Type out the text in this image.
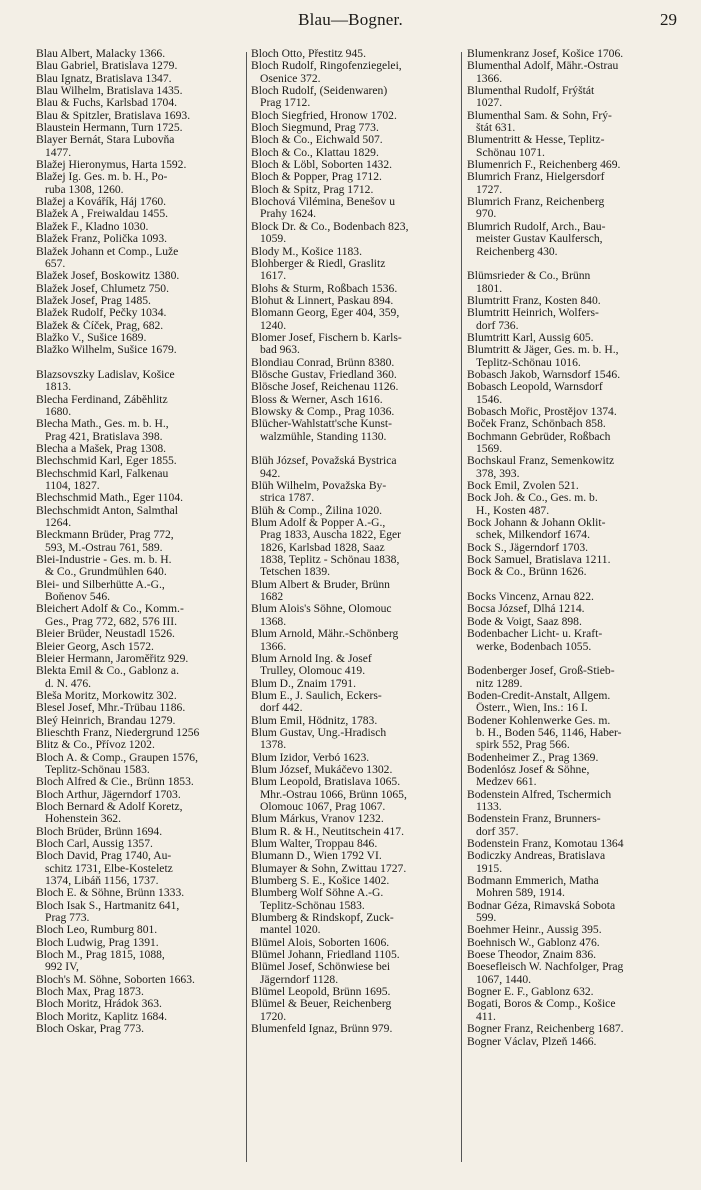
Blau—Bogner.	29
Blau Albert, Malacky 1366.
Blau Gabriel, Bratislava 1279.
Blau Ignatz, Bratislava 1347.
Blau Wilhelm, Bratislava 1435.
Blau & Fuchs, Karlsbad 1704.
Blau & Spitzler, Bratislava 1693.
Blaustein Hermann, Turn 1725.
Blayer Bernát, Stara Lubovňa
1477.
Blažej Hieronymus, Harta 1592.
Blažej Ig. Ges. m. b. H., Po-
ruba 1308, 1260.
Blažej a Kovářík, Háj 1760.
Blažek A , Freiwaldau 1455.
Blažek F., Kladno 1030.
Blažek Franz, Polička 1093.
Blažek Johann et Comp., Luže
657.
Blažek Josef, Boskowitz 1380.
Blažek Josef, Chlumetz 750.
Blažek Josef, Prag 1485.
Blažek Rudolf, Pečky 1034.
Blažek & Číček, Prag, 682.
Blažko V., Sušice 1689.
Blažko Wilhelm, Sušice 1679.
Blazsovszky Ladislav, Košice
1813.
Blecha Ferdinand, Zábĕhlitz
1680.
Blecha Math., Ges. m. b. H.,
Prag 421, Bratislava 398.
Blecha a Mašek, Prag 1308.
Blechschmid Karl, Eger 1855.
Blechschmid Karl, Falkenau
1104, 1827.
Blechschmid Math., Eger 1104.
Blechschmidt Anton, Salmthal
1264.
Bleckmann Brüder, Prag 772,
593, M.-Ostrau 761, 589.
Blei-Industrie - Ges. m. b. H.
& Co., Grundmühlen 640.
Blei- und Silberhütte A.-G.,
Boňenov 546.
Bleichert Adolf & Co., Komm.-
Ges., Prag 772, 682, 576 III.
Bleier Brüder, Neustadl 1526.
Bleier Georg, Asch 1572.
Bleier Hermann, Jaroměřitz 929.
Blekta Emil & Co., Gablonz a.
d. N. 476.
Bleša Moritz, Morkowitz 302.
Blesel Josef, Mhr.-Trübau 1186.
Bleý Heinrich, Brandau 1279.
Blieschth Franz, Niedergrund 1256
Blitz & Co., Přívoz 1202.
Bloch A. & Comp., Graupen 1576,
Teplitz-Schönau 1583.
Bloch Alfred & Cie., Brünn 1853.
Bloch Arthur, Jägerndorf 1703.
Bloch Bernard & Adolf Koretz,
Hohenstein 362.
Bloch Brüder, Brünn 1694.
Bloch Carl, Aussig 1357.
Bloch David, Prag 1740, Au-
schitz 1731, Elbe-Kosteletz
1374, Libáň 1156, 1737.
Bloch E. & Söhne, Brünn 1333.
Bloch Isak S., Hartmanitz 641,
Prag 773.
Bloch Leo, Rumburg 801.
Bloch Ludwig, Prag 1391.
Bloch M., Prag 1815, 1088,
992 IV,
Bloch's M. Söhne, Soborten 1663.
Bloch Max, Prag 1873.
Bloch Moritz, Hrádok 363.
Bloch Moritz, Kaplitz 1684.
Bloch Oskar, Prag 773.
Bloch Otto, Přestitz 945.
Bloch Rudolf, Ringofenziegelei,
Osenice 372.
Bloch Rudolf, (Seidenwaren)
Prag 1712.
Bloch Siegfried, Hronow 1702.
Bloch Siegmund, Prag 773.
Bloch & Co., Eichwald 507.
Bloch & Co., Klattau 1829.
Bloch & Löbl, Soborten 1432.
Bloch & Popper, Prag 1712.
Bloch & Spitz, Prag 1712.
Blochová Vilémina, Benešov u
Prahy 1624.
Block Dr. & Co., Bodenbach 823,
1059.
Blody M., Košice 1183.
Blohberger & Riedl, Graslitz
1617.
Blohs & Sturm, Roßbach 1536.
Blohut & Linnert, Paskau 894.
Blomann Georg, Eger 404, 359,
1240.
Blomer Josef, Fischern b. Karls-
bad 963.
Blondiau Conrad, Brünn 8380.
Blösche Gustav, Friedland 360.
Blösche Josef, Reichenau 1126.
Bloss & Werner, Asch 1616.
Blowsky & Comp., Prag 1036.
Blücher-Wahlstatt'sche Kunst-
walzmühle, Standing 1130.
Blüh József, Považská Bystrica
942.
Blüh Wilhelm, Považska By-
strica 1787.
Blüh & Comp., Žilina 1020.
Blum Adolf & Popper A.-G.,
Prag 1833, Auscha 1822, Eger
1826, Karlsbad 1828, Saaz
1838, Teplitz - Schönau 1838,
Tetschen 1839.
Blum Albert & Bruder, Brünn
1682
Blum Alois's Söhne, Olomouc
1368.
Blum Arnold, Mähr.-Schönberg
1366.
Blum Arnold Ing. & Josef
Trulley, Olomouc 419.
Blum D., Znaim 1791.
Blum E., J. Saulich, Eckers-
dorf 442.
Blum Emil, Hödnitz, 1783.
Blum Gustav, Ung.-Hradisch
1378.
Blum Izidor, Verbó 1623.
Blum József, Mukáčevo 1302.
Blum Leopold, Bratislava 1065.
Mhr.-Ostrau 1066, Brünn 1065,
Olomouc 1067, Prag 1067.
Blum Márkus, Vranov 1232.
Blum R. & H., Neutitschein 417.
Blum Walter, Troppau 846.
Blumann D., Wien 1792 VI.
Blumayer & Sohn, Zwittau 1727.
Blumberg S. E., Košice 1402.
Blumberg Wolf Söhne A.-G.
Teplitz-Schönau 1583.
Blumberg & Rindskopf, Zuck-
mantel 1020.
Blümel Alois, Soborten 1606.
Blümel Johann, Friedland 1105.
Blümel Josef, Schönwiese bei
Jägerndorf 1128.
Blümel Leopold, Brünn 1695.
Blümel & Beuer, Reichenberg
1720.
Blumenfeld Ignaz, Brünn 979.
Blumenkranz Josef, Košice 1706.
Blumenthal Adolf, Mähr.-Ostrau
1366.
Blumenthal Rudolf, Frýštát
1027.
Blumenthal Sam. & Sohn, Frý-
štát 631.
Blumentritt & Hesse, Teplitz-
Schönau 1071.
Blumenrich F., Reichenberg 469.
Blumrich Franz, Hielgersdorf
1727.
Blumrich Franz, Reichenberg
970.
Blumrich Rudolf, Arch., Bau-
meister Gustav Kaulfersch,
Reichenberg 430.
Blümsrieder & Co., Brünn
1801.
Blumtritt Franz, Kosten 840.
Blumtritt Heinrich, Wolfers-
dorf 736.
Blumtritt Karl, Aussig 605.
Blumtritt & Jäger, Ges. m. b. H.,
Teplitz-Schönau 1016.
Bobasch Jakob, Warnsdorf 1546.
Bobasch Leopold, Warnsdorf
1546.
Bobasch Mořic, Prostějov 1374.
Boček Franz, Schönbach 858.
Bochmann Gebrüder, Roßbach
1569.
Bochskaul Franz, Semenkowitz
378, 393.
Bock Emil, Zvolen 521.
Bock Joh. & Co., Ges. m. b.
H., Kosten 487.
Bock Johann & Johann Oklit-
schek, Milkendorf 1674.
Bock S., Jägerndorf 1703.
Bock Samuel, Bratislava 1211.
Bock & Co., Brünn 1626.
Bocks Vincenz, Arnau 822.
Bocsa József, Dlhá 1214.
Bode & Voigt, Saaz 898.
Bodenbacher Licht- u. Kraft-
werke, Bodenbach 1055.
Bodenberger Josef, Groß-Stieb-
nitz 1289.
Boden-Credit-Anstalt, Allgem.
Österr., Wien, Ins.: 16 I.
Bodener Kohlenwerke Ges. m.
b. H., Boden 546, 1146, Haber-
spirk 552, Prag 566.
Bodenheimer Z., Prag 1369.
Bodenlósz Josef & Söhne,
Medzev 661.
Bodenstein Alfred, Tschermich
1133.
Bodenstein Franz, Brunners-
dorf 357.
Bodenstein Franz, Komotau 1364
Bodiczky Andreas, Bratislava
1915.
Bodmann Emmerich, Matha
Mohren 589, 1914.
Bodnar Géza, Rimavská Sobota
599.
Boehmer Heinr., Aussig 395.
Boehnisch W., Gablonz 476.
Boese Theodor, Znaim 836.
Boesefleisch W. Nachfolger, Prag
1067, 1440.
Bogner E. F., Gablonz 632.
Bogati, Boros & Comp., Košice
411.
Bogner Franz, Reichenberg 1687.
Bogner Václav, Plzeň 1466.
